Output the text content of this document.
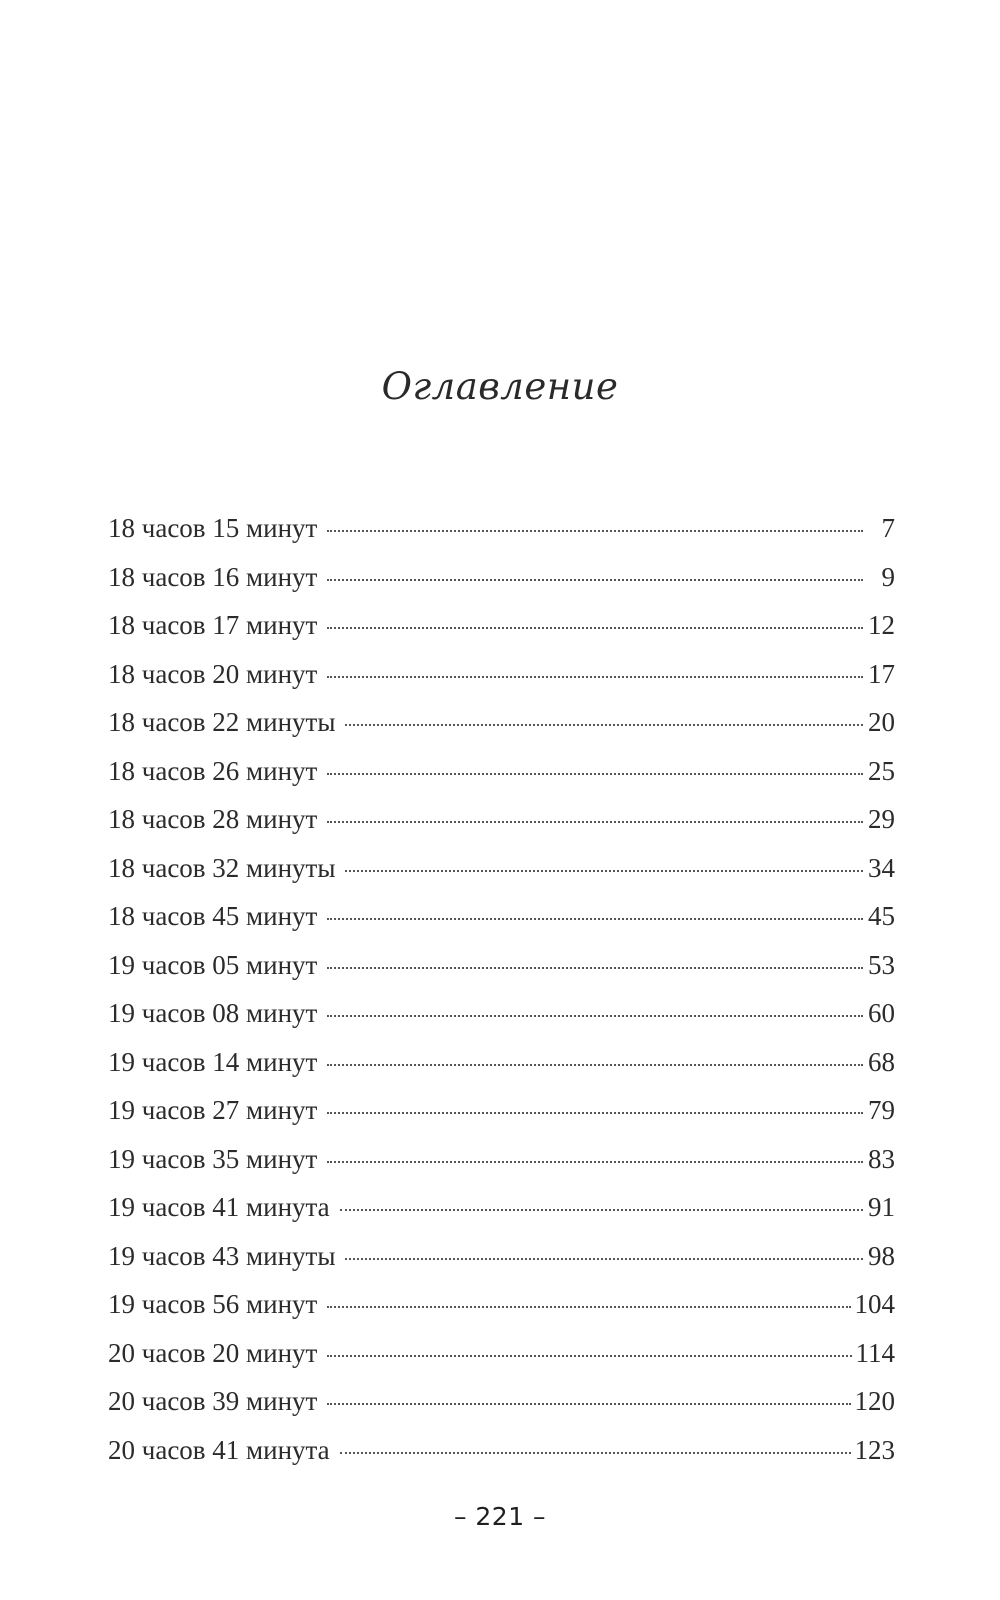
Оглавление
18 часов 15 минут	7
18 часов 16 минут	9
18 часов 17 минут	12
18 часов 20 минут	17
18 часов 22 минуты	20
18 часов 26 минут	25
18 часов 28 минут	29
18 часов 32 минуты	34
18 часов 45 минут	45
19 часов 05 минут	53
19 часов 08 минут	60
19 часов 14 минут	68
19 часов 27 минут	79
19 часов 35 минут	83
19 часов 41 минута	91
19 часов 43 минуты	98
19 часов 56 минут	104
20 часов 20 минут	114
20 часов 39 минут	120
20 часов 41 минута	123
– 221 –
